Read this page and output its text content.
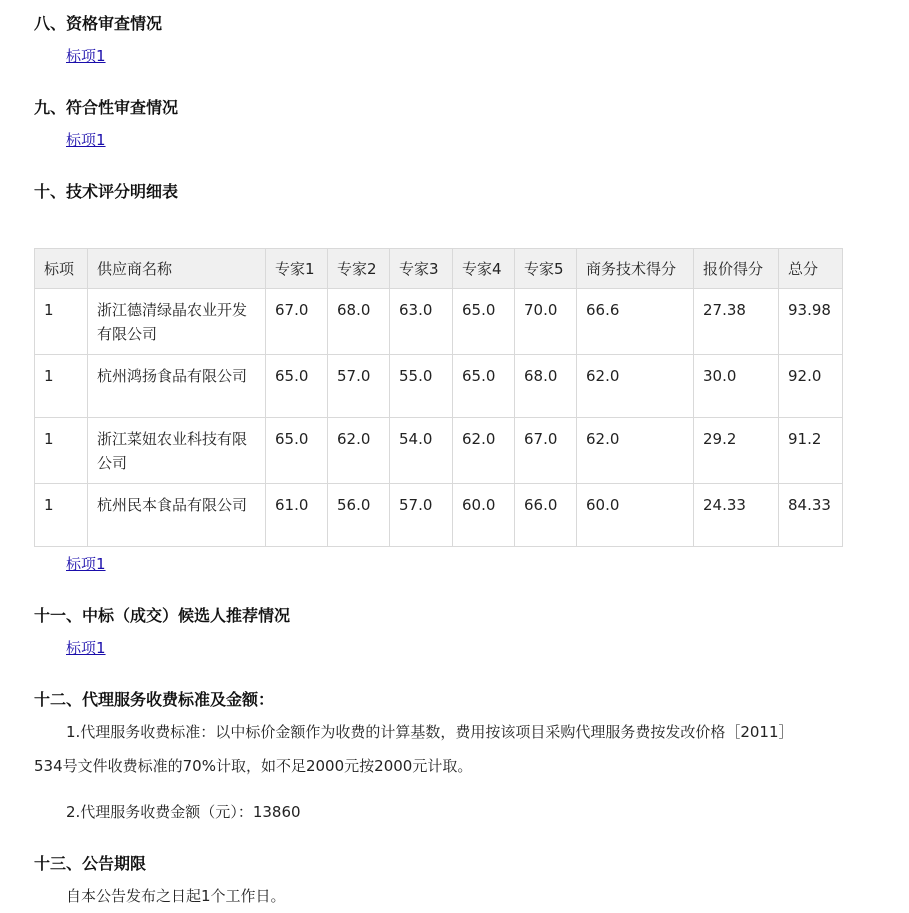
八、资格审查情况
标项1
九、符合性审查情况
标项1
十、技术评分明细表
标项	供应商名称	专家1	专家2	专家3	专家4	专家5	商务技术得分	报价得分	总分
1	浙江德清绿晶农业开发有限公司	67.0	68.0	63.0	65.0	70.0	66.6	27.38	93.98
1	杭州鸿扬食品有限公司	65.0	57.0	55.0	65.0	68.0	62.0	30.0	92.0
1	浙江菜妞农业科技有限公司	65.0	62.0	54.0	62.0	67.0	62.0	29.2	91.2
1	杭州民本食品有限公司	61.0	56.0	57.0	60.0	66.0	60.0	24.33	84.33
标项1
十一、中标（成交）候选人推荐情况
标项1
十二、代理服务收费标准及金额：

1.代理服务收费标准：以中标价金额作为收费的计算基数，费用按该项目采购代理服务费按发改价格［2011］

534号文件收费标准的70%计取，如不足2000元按2000元计取。

2.代理服务收费金额（元）：13860

十三、公告期限

自本公告发布之日起1个工作日。
